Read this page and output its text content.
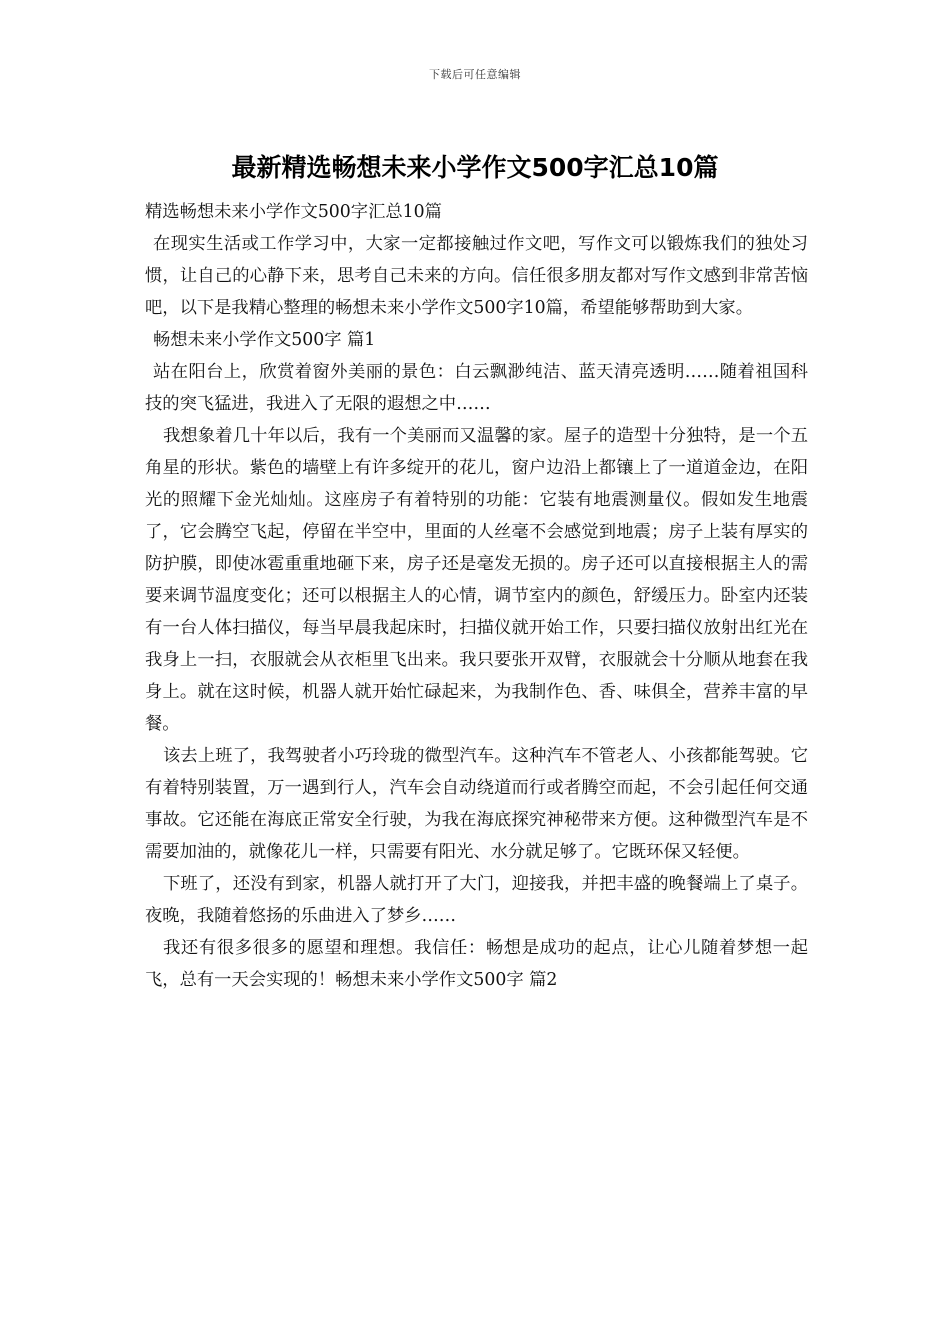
下载后可任意编辑
最新精选畅想未来小学作文500字汇总10篇

精选畅想未来小学作文500字汇总10篇

在现实生活或工作学习中，大家一定都接触过作文吧，写作文可以锻炼我们的独处习惯，让自己的心静下来，思考自己未来的方向。信任很多朋友都对写作文感到非常苦恼吧，以下是我精心整理的畅想未来小学作文500字10篇，希望能够帮助到大家。

畅想未来小学作文500字 篇1

站在阳台上，欣赏着窗外美丽的景色：白云飘渺纯洁、蓝天清亮透明……随着祖国科技的突飞猛进，我进入了无限的遐想之中……

我想象着几十年以后，我有一个美丽而又温馨的家。屋子的造型十分独特，是一个五角星的形状。紫色的墙壁上有许多绽开的花儿，窗户边沿上都镶上了一道道金边，在阳光的照耀下金光灿灿。这座房子有着特别的功能：它装有地震测量仪。假如发生地震了，它会腾空飞起，停留在半空中，里面的人丝毫不会感觉到地震；房子上装有厚实的防护膜，即使冰雹重重地砸下来，房子还是毫发无损的。房子还可以直接根据主人的需要来调节温度变化；还可以根据主人的心情，调节室内的颜色，舒缓压力。卧室内还装有一台人体扫描仪，每当早晨我起床时，扫描仪就开始工作，只要扫描仪放射出红光在我身上一扫，衣服就会从衣柜里飞出来。我只要张开双臂，衣服就会十分顺从地套在我身上。就在这时候，机器人就开始忙碌起来，为我制作色、香、味俱全，营养丰富的早餐。

该去上班了，我驾驶者小巧玲珑的微型汽车。这种汽车不管老人、小孩都能驾驶。它有着特别装置，万一遇到行人，汽车会自动绕道而行或者腾空而起，不会引起任何交通事故。它还能在海底正常安全行驶，为我在海底探究神秘带来方便。这种微型汽车是不需要加油的，就像花儿一样，只需要有阳光、水分就足够了。它既环保又轻便。

下班了，还没有到家，机器人就打开了大门，迎接我，并把丰盛的晚餐端上了桌子。夜晚，我随着悠扬的乐曲进入了梦乡……

我还有很多很多的愿望和理想。我信任：畅想是成功的起点，让心儿随着梦想一起飞，总有一天会实现的！畅想未来小学作文500字 篇2
